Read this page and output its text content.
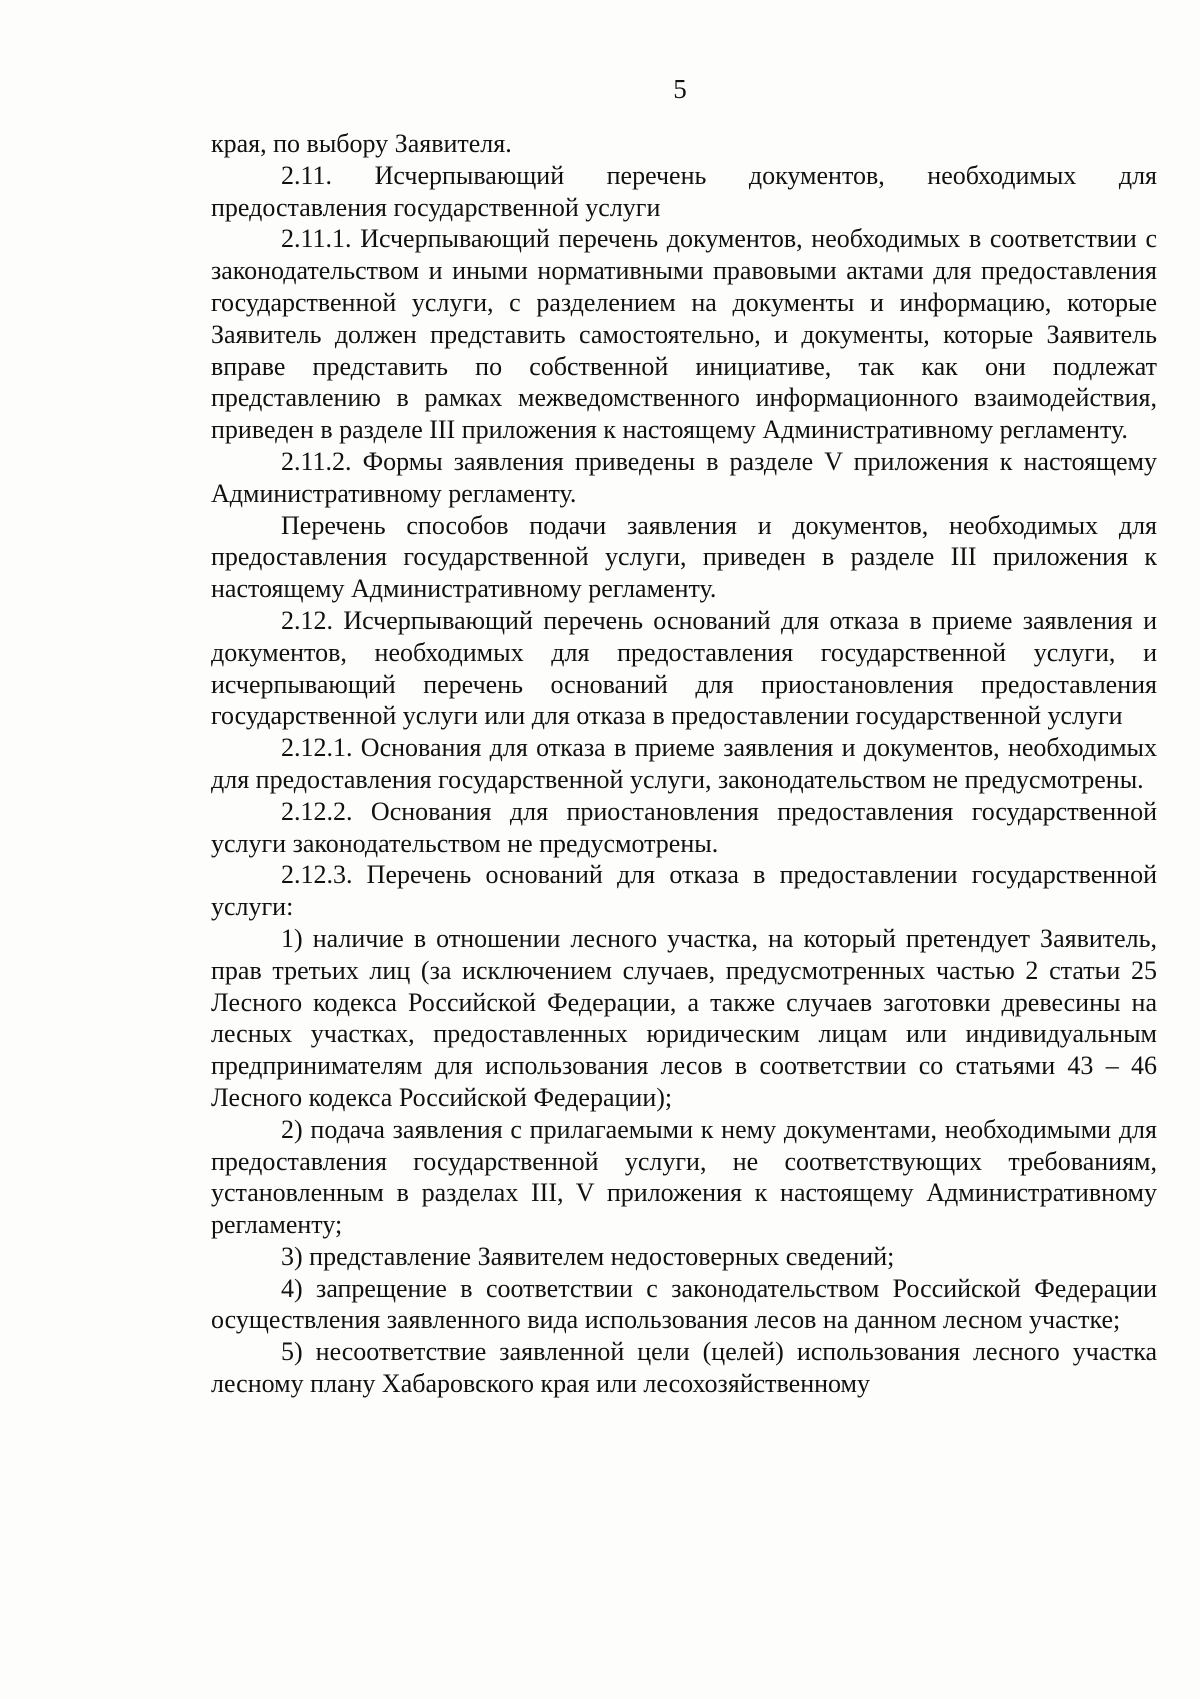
5

края, по выбору Заявителя.

2.11. Исчерпывающий перечень документов, необходимых для предоставления государственной услуги

2.11.1. Исчерпывающий перечень документов, необходимых в соответствии с законодательством и иными нормативными правовыми актами для предоставления государственной услуги, с разделением на документы и информацию, которые Заявитель должен представить самостоятельно, и документы, которые Заявитель вправе представить по собственной инициативе, так как они подлежат представлению в рамках межведомственного информационного взаимодействия, приведен в разделе III приложения к настоящему Административному регламенту.

2.11.2. Формы заявления приведены в разделе V приложения к настоящему Административному регламенту.

Перечень способов подачи заявления и документов, необходимых для предоставления государственной услуги, приведен в разделе III приложения к настоящему Административному регламенту.

2.12. Исчерпывающий перечень оснований для отказа в приеме заявления и документов, необходимых для предоставления государственной услуги, и исчерпывающий перечень оснований для приостановления предоставления государственной услуги или для отказа в предоставлении государственной услуги

2.12.1. Основания для отказа в приеме заявления и документов, необходимых для предоставления государственной услуги, законодательством не предусмотрены.

2.12.2. Основания для приостановления предоставления государственной услуги законодательством не предусмотрены.

2.12.3. Перечень оснований для отказа в предоставлении государственной услуги:

1) наличие в отношении лесного участка, на который претендует Заявитель, прав третьих лиц (за исключением случаев, предусмотренных частью 2 статьи 25 Лесного кодекса Российской Федерации, а также случаев заготовки древесины на лесных участках, предоставленных юридическим лицам или индивидуальным предпринимателям для использования лесов в соответствии со статьями 43 – 46 Лесного кодекса Российской Федерации);

2) подача заявления с прилагаемыми к нему документами, необходимыми для предоставления государственной услуги, не соответствующих требованиям, установленным в разделах III, V приложения к настоящему Административному регламенту;

3) представление Заявителем недостоверных сведений;

4) запрещение в соответствии с законодательством Российской Федерации осуществления заявленного вида использования лесов на данном лесном участке;

5) несоответствие заявленной цели (целей) использования лесного участка лесному плану Хабаровского края или лесохозяйственному
